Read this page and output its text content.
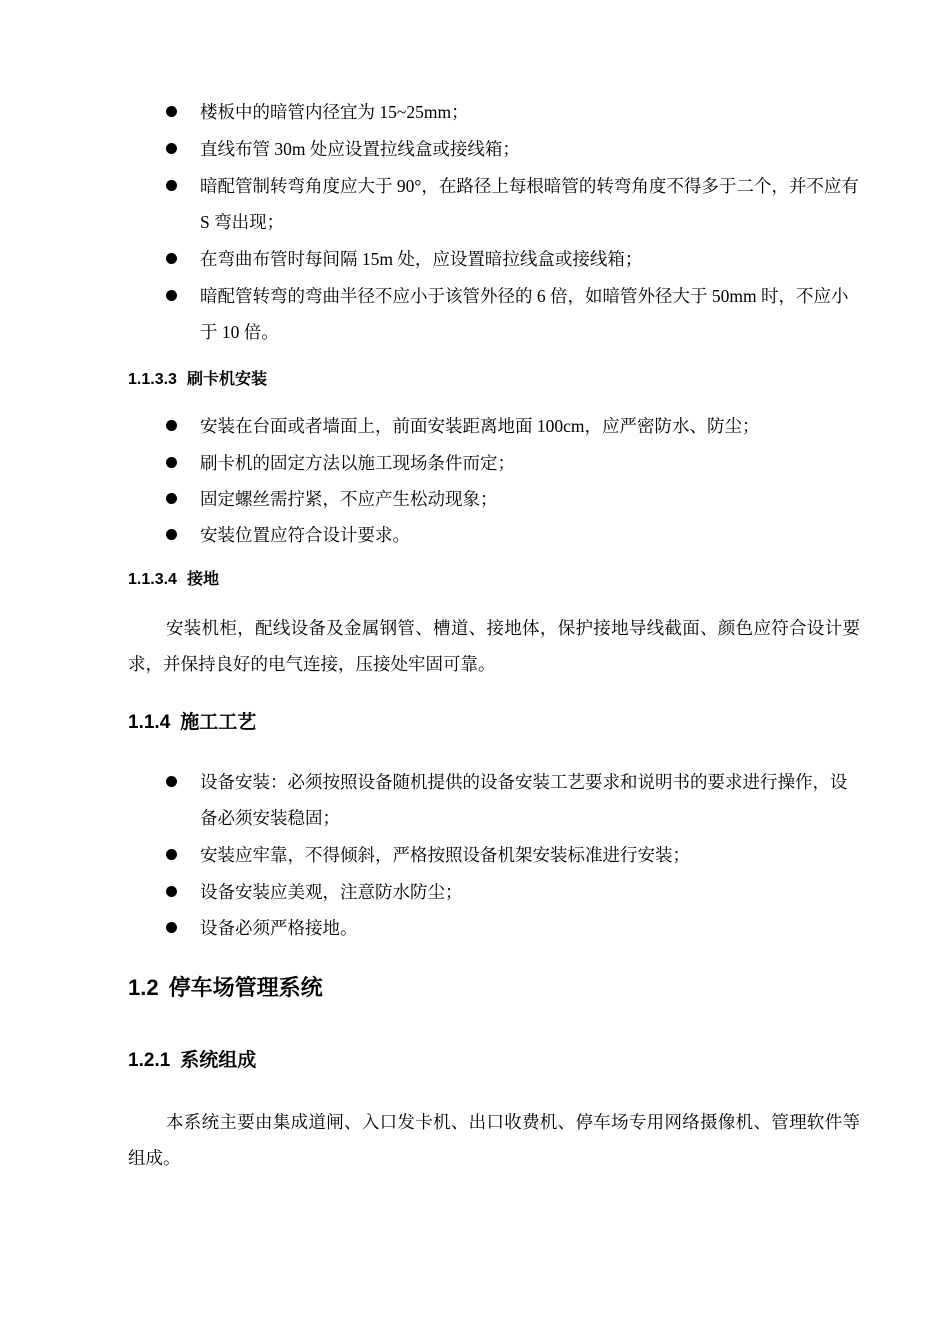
楼板中的暗管内径宜为 15~25mm；
直线布管 30m 处应设置拉线盒或接线箱；
暗配管制转弯角度应大于 90°，在路径上每根暗管的转弯角度不得多于二个，并不应有 S 弯出现；
在弯曲布管时每间隔 15m 处，应设置暗拉线盒或接线箱；
暗配管转弯的弯曲半径不应小于该管外径的 6 倍，如暗管外径大于 50mm 时，不应小于 10 倍。
1.1.3.3 刷卡机安装
安装在台面或者墙面上，前面安装距离地面 100cm，应严密防水、防尘；
刷卡机的固定方法以施工现场条件而定；
固定螺丝需拧紧，不应产生松动现象；
安装位置应符合设计要求。
1.1.3.4 接地
安装机柜，配线设备及金属钢管、槽道、接地体，保护接地导线截面、颜色应符合设计要求，并保持良好的电气连接，压接处牢固可靠。
1.1.4 施工工艺
设备安装：必须按照设备随机提供的设备安装工艺要求和说明书的要求进行操作，设备必须安装稳固；
安装应牢靠，不得倾斜，严格按照设备机架安装标准进行安装；
设备安装应美观，注意防水防尘；
设备必须严格接地。
1.2 停车场管理系统
1.2.1 系统组成
本系统主要由集成道闸、入口发卡机、出口收费机、停车场专用网络摄像机、管理软件等组成。
